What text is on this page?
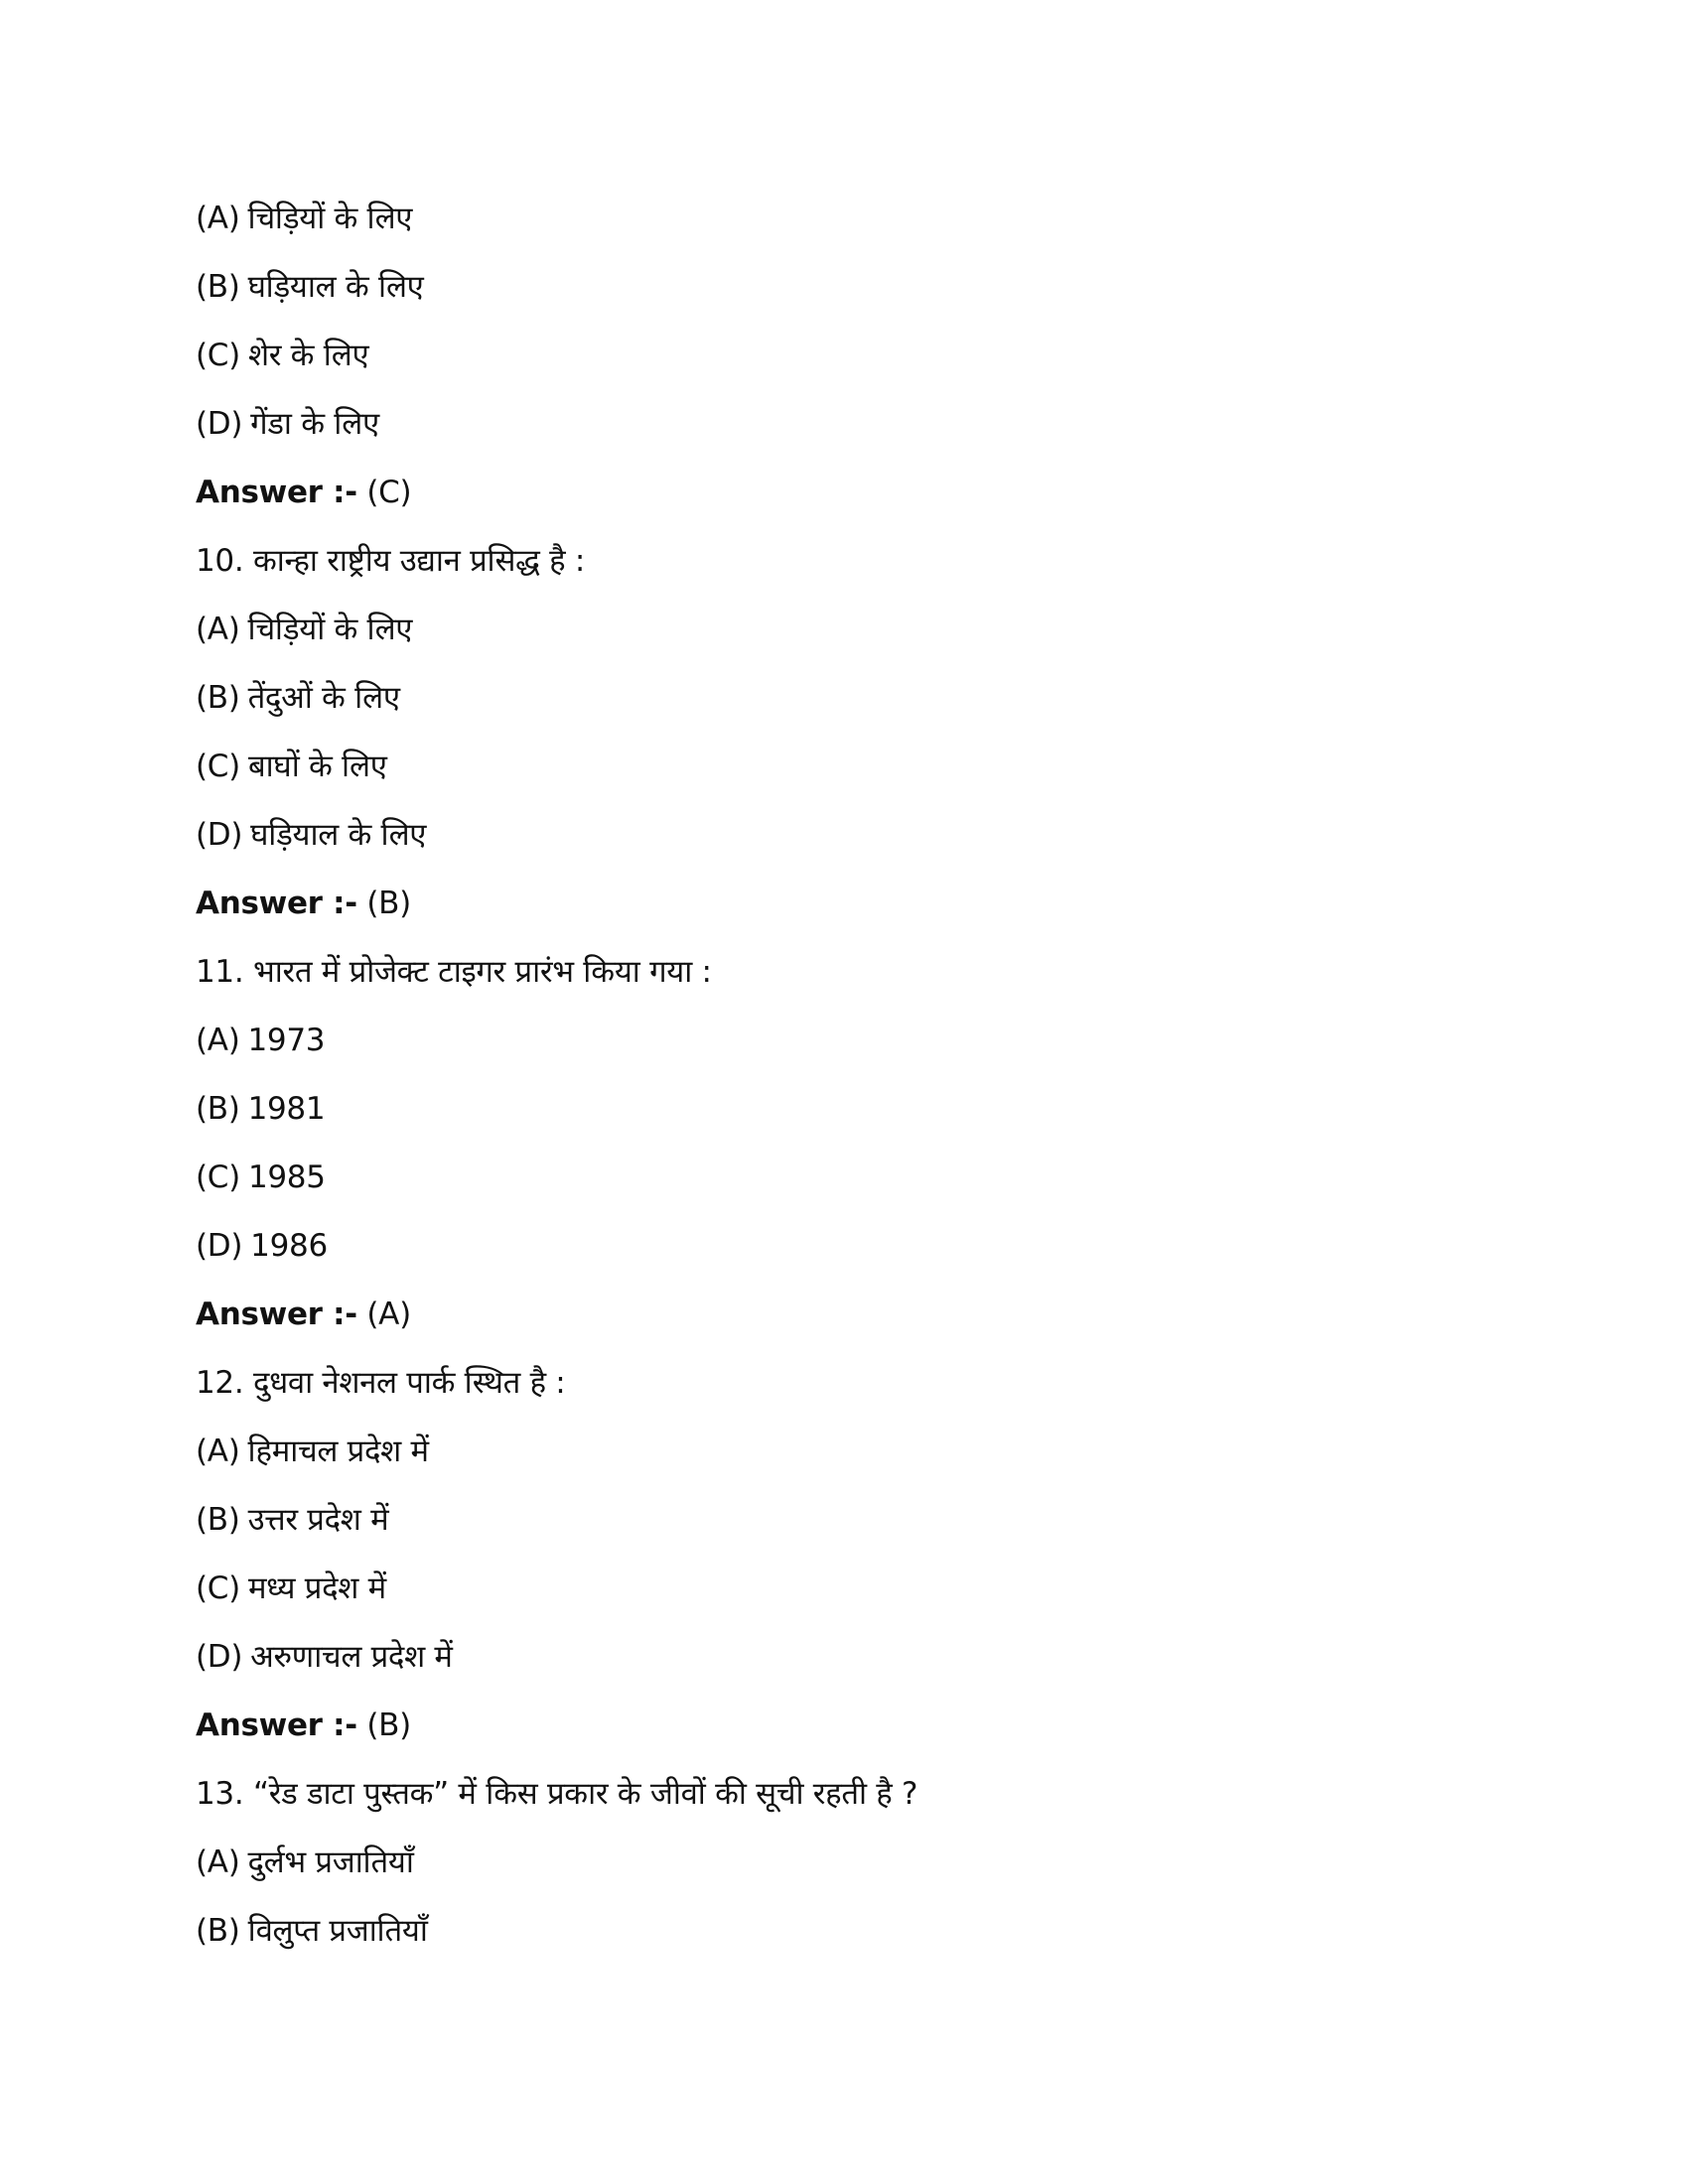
(A) चिड़ियों के लिए
(B) घड़ियाल के लिए
(C) शेर के लिए
(D) गेंडा के लिए
Answer :- (C)
10. कान्हा राष्ट्रीय उद्यान प्रसिद्ध है :
(A) चिड़ियों के लिए
(B) तेंदुओं के लिए
(C) बाघों के लिए
(D) घड़ियाल के लिए
Answer :- (B)
11. भारत में प्रोजेक्ट टाइगर प्रारंभ किया गया :
(A) 1973
(B) 1981
(C) 1985
(D) 1986
Answer :- (A)
12. दुधवा नेशनल पार्क स्थित है :
(A) हिमाचल प्रदेश में
(B) उत्तर प्रदेश में
(C) मध्य प्रदेश में
(D) अरुणाचल प्रदेश में
Answer :- (B)
13. “रेड डाटा पुस्तक” में किस प्रकार के जीवों की सूची रहती है ?
(A) दुर्लभ प्रजातियाँ
(B) विलुप्त प्रजातियाँ
